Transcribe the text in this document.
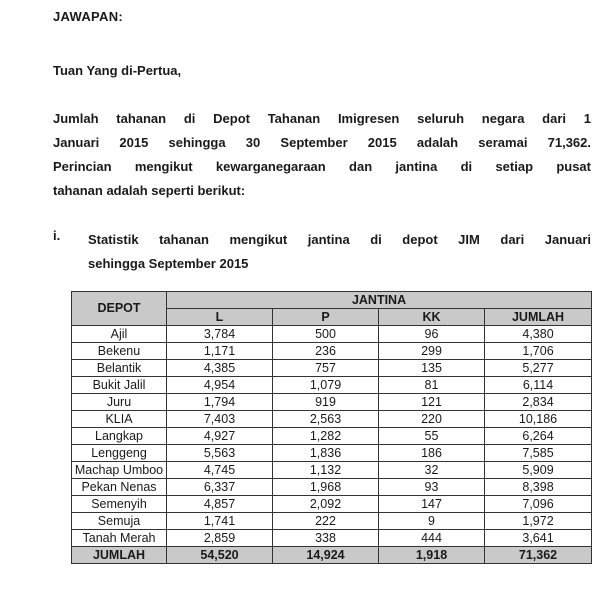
JAWAPAN:
Tuan Yang di-Pertua,
Jumlah tahanan di Depot Tahanan Imigresen seluruh negara dari 1
Januari 2015 sehingga 30 September 2015 adalah seramai 71,362.
Perincian mengikut kewarganegaraan dan jantina di setiap pusat
tahanan adalah seperti berikut:
i. Statistik tahanan mengikut jantina di depot JIM dari Januari
sehingga September 2015
DEPOT	JANTINA			
	L	P	KK	JUMLAH
Ajil	3,784	500	96	4,380
Bekenu	1,171	236	299	1,706
Belantik	4,385	757	135	5,277
Bukit Jalil	4,954	1,079	81	6,114
Juru	1,794	919	121	2,834
KLIA	7,403	2,563	220	10,186
Langkap	4,927	1,282	55	6,264
Lenggeng	5,563	1,836	186	7,585
Machap Umboo	4,745	1,132	32	5,909
Pekan Nenas	6,337	1,968	93	8,398
Semenyih	4,857	2,092	147	7,096
Semuja	1,741	222	9	1,972
Tanah Merah	2,859	338	444	3,641
JUMLAH	54,520	14,924	1,918	71,362
